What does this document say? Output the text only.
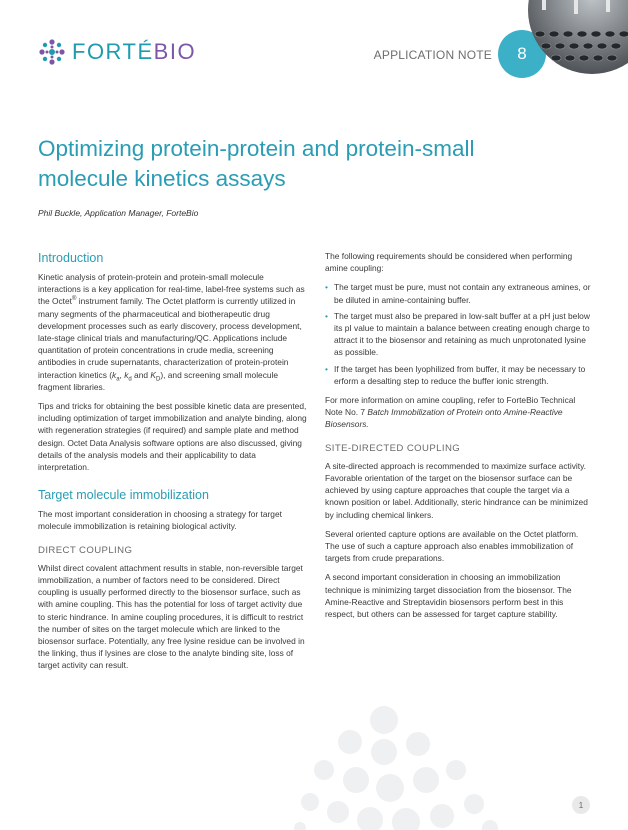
FORTÉBIO	APPLICATION NOTE	8
Optimizing protein-protein and protein-small molecule kinetics assays
Phil Buckle, Application Manager, ForteBio
Introduction

Kinetic analysis of protein-protein and protein-small molecule interactions is a key application for real-time, label-free systems such as the Octet® instrument family. The Octet platform is currently utilized in many segments of the pharmaceutical and biotherapeutic drug development processes such as early discovery, process development, late-stage clinical trials and manufacturing/QC. Applications include quantitation of protein concentrations in crude media, screening antibodies in crude supernatants, characterization of protein-protein interaction kinetics ($k_a$, $k_d$ and $K_D$), and screening small molecule fragment libraries.

Tips and tricks for obtaining the best possible kinetic data are presented, including optimization of target immobilization and analyte binding, along with regeneration strategies (if required) and sample plate and method design. Octet Data Analysis software options are also discussed, giving details of the analysis models and their applicability to data interpretation.

Target molecule immobilization

The most important consideration in choosing a strategy for target molecule immobilization is retaining biological activity.

DIRECT COUPLING

Whilst direct covalent attachment results in stable, non-reversible target immobilization, a number of factors need to be considered. Direct coupling is usually performed directly to the biosensor surface, such as with amine coupling. This has the potential for loss of target activity due to steric hindrance. In amine coupling procedures, it is difficult to restrict the number of sites on the target molecule which are linked to the biosensor surface. Potentially, any free lysine residue can be involved in the linking, thus if lysines are close to the analyte binding site, loss of target activity can result.

The following requirements should be considered when performing amine coupling:

• The target must be pure, must not contain any extraneous amines, or be diluted in amine-containing buffer.
• The target must also be prepared in low-salt buffer at a pH just below its pI value to maintain a balance between creating enough charge to attract it to the biosensor and retaining as much unprotonated lysine as possible.
• If the target has been lyophilized from buffer, it may be necessary to erform a desalting step to reduce the buffer ionic strength.

For more information on amine coupling, refer to ForteBio Technical Note No. 7 Batch Immobilization of Protein onto Amine-Reactive Biosensors.

SITE-DIRECTED COUPLING

A site-directed approach is recommended to maximize surface activity. Favorable orientation of the target on the biosensor surface can be achieved by using capture approaches that couple the target via a known position or label. Additionally, steric hindrance can be minimized by including chemical linkers.

Several oriented capture options are available on the Octet platform. The use of such a capture approach also enables immobilization of targets from crude preparations.

A second important consideration in choosing an immobilization technique is minimizing target dissociation from the biosensor. The Amine-Reactive and Streptavidin biosensors perform best in this respect, but others can be assessed for target capture stability.

1
